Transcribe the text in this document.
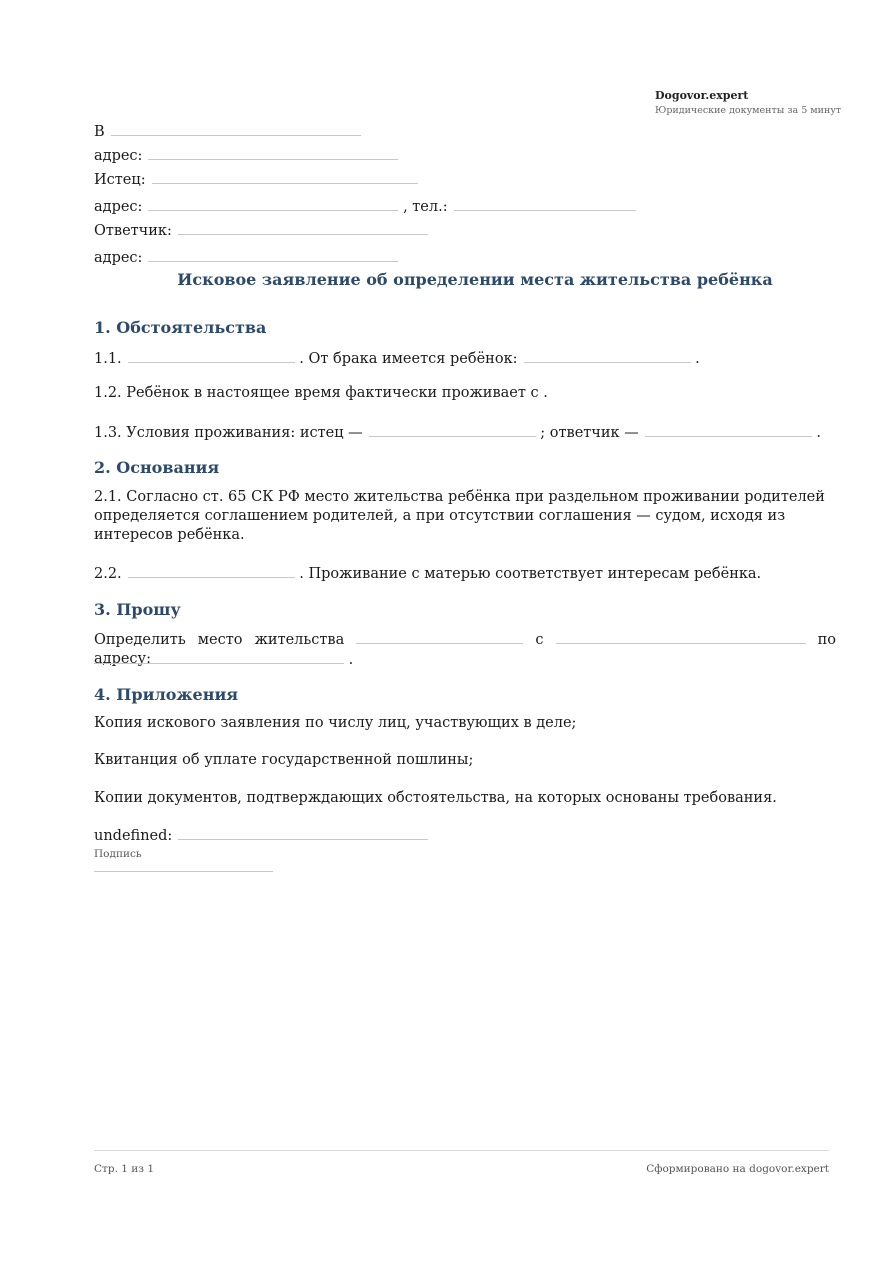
Dogovor.expert
Юридические документы за 5 минут
В
адрес:
Истец:
адрес:	, тел.:
Ответчик:
адрес:
Исковое заявление об определении места жительства ребёнка
1. Обстоятельства
1.1.	. От брака имеется ребёнок:	.
1.2. Ребёнок в настоящее время фактически проживает с .
1.3. Условия проживания: истец —	; ответчик —	.
2. Основания
2.1. Согласно ст. 65 СК РФ место жительства ребёнка при раздельном проживании родителей определяется соглашением родителей, а при отсутствии соглашения — судом, исходя из интересов ребёнка.
2.2.	. Проживание с матерью соответствует интересам ребёнка.
3. Прошу
Определить место жительства	с	по адресу:	.
4. Приложения
Копия искового заявления по числу лиц, участвующих в деле;
Квитанция об уплате государственной пошлины;
Копии документов, подтверждающих обстоятельства, на которых основаны требования.
undefined:
Подпись
Стр. 1 из 1	Сформировано на dogovor.expert
